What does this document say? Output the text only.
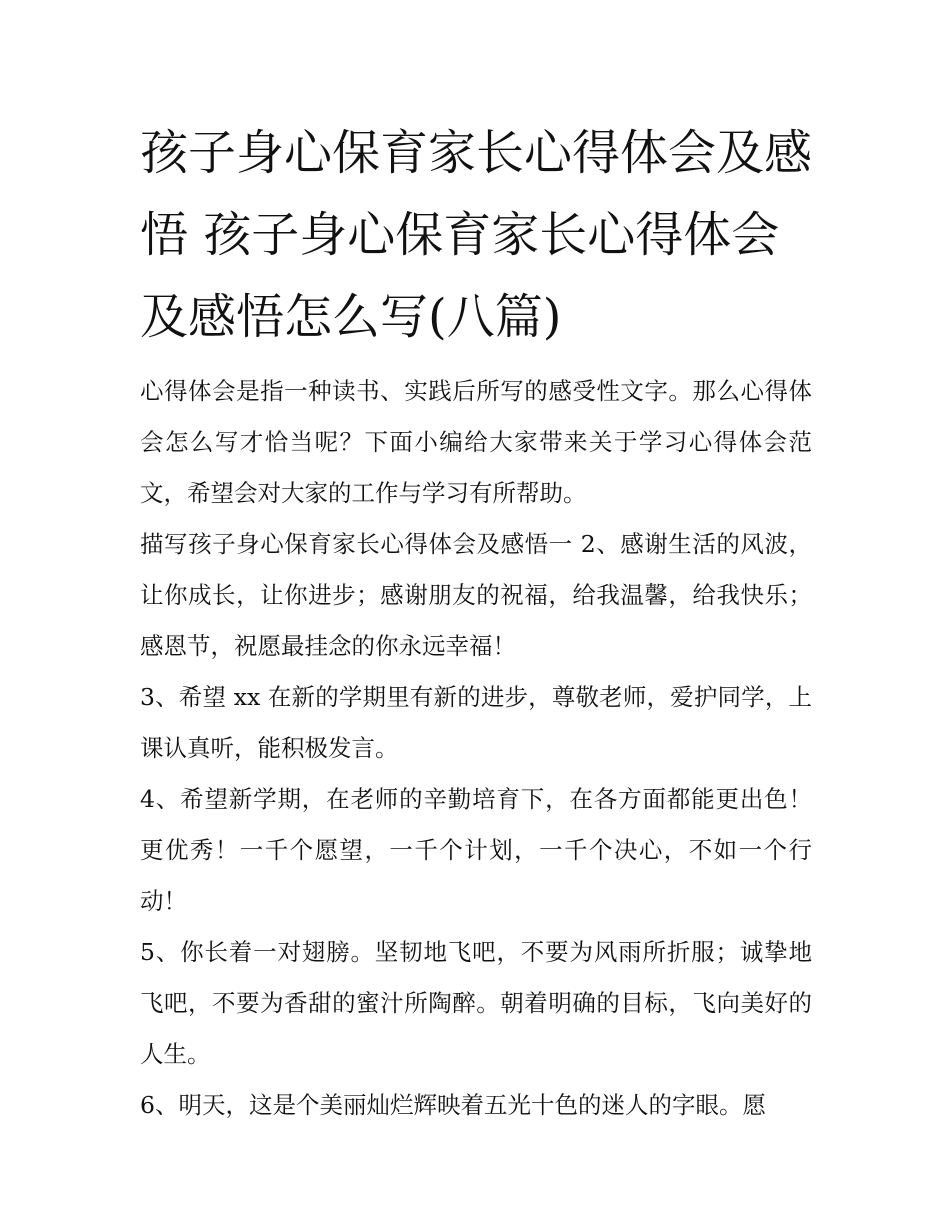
孩子身心保育家长心得体会及感悟 孩子身心保育家长心得体会及感悟怎么写(八篇)

心得体会是指一种读书、实践后所写的感受性文字。那么心得体会怎么写才恰当呢？下面小编给大家带来关于学习心得体会范文，希望会对大家的工作与学习有所帮助。

描写孩子身心保育家长心得体会及感悟一 2、感谢生活的风波，让你成长，让你进步；感谢朋友的祝福，给我温馨，给我快乐；感恩节，祝愿最挂念的你永远幸福！

3、希望 xx 在新的学期里有新的进步，尊敬老师，爱护同学，上课认真听，能积极发言。

4、希望新学期，在老师的辛勤培育下，在各方面都能更出色！更优秀！一千个愿望，一千个计划，一千个决心，不如一个行动！

5、你长着一对翅膀。坚韧地飞吧，不要为风雨所折服；诚挚地飞吧，不要为香甜的蜜汁所陶醉。朝着明确的目标，飞向美好的人生。

6、明天，这是个美丽灿烂辉映着五光十色的迷人的字眼。愿
